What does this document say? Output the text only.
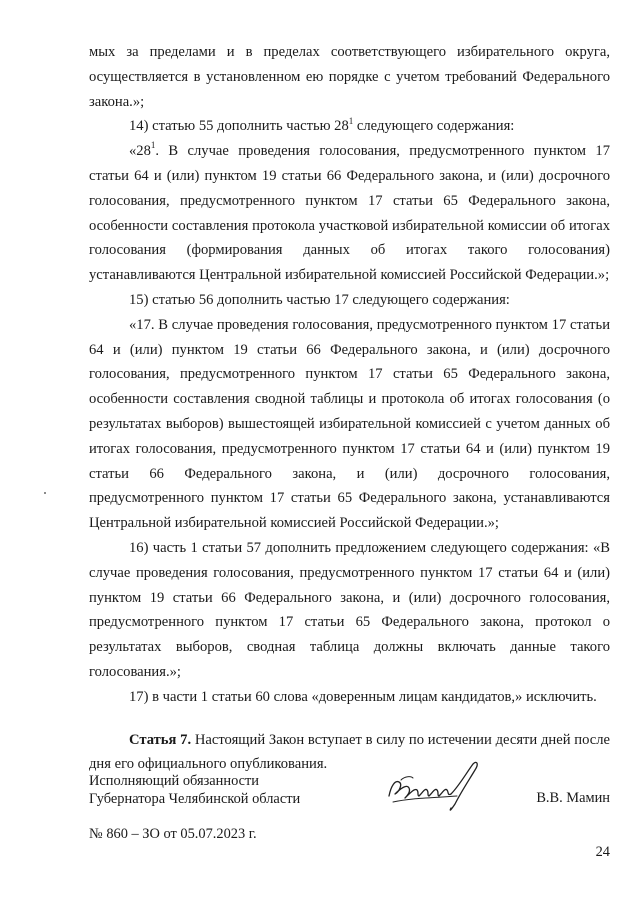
мых за пределами и в пределах соответствующего избирательного округа, осуществляется в установленном ею порядке с учетом требований Федерального закона.»;

14) статью 55 дополнить частью $28^1$ следующего содержания:

«$28^1$. В случае проведения голосования, предусмотренного пунктом 17 статьи 64 и (или) пунктом 19 статьи 66 Федерального закона, и (или) досрочного голосования, предусмотренного пунктом 17 статьи 65 Федерального закона, особенности составления протокола участковой избирательной комиссии об итогах голосования (формирования данных об итогах такого голосования) устанавливаются Центральной избирательной комиссией Российской Федерации.»;

15) статью 56 дополнить частью 17 следующего содержания:

«17. В случае проведения голосования, предусмотренного пунктом 17 статьи 64 и (или) пунктом 19 статьи 66 Федерального закона, и (или) досрочного голосования, предусмотренного пунктом 17 статьи 65 Федерального закона, особенности составления сводной таблицы и протокола об итогах голосования (о результатах выборов) вышестоящей избирательной комиссией с учетом данных об итогах голосования, предусмотренного пунктом 17 статьи 64 и (или) пунктом 19 статьи 66 Федерального закона, и (или) досрочного голосования, предусмотренного пунктом 17 статьи 65 Федерального закона, устанавливаются Центральной избирательной комиссией Российской Федерации.»;

16) часть 1 статьи 57 дополнить предложением следующего содержания: «В случае проведения голосования, предусмотренного пунктом 17 статьи 64 и (или) пунктом 19 статьи 66 Федерального закона, и (или) досрочного голосования, предусмотренного пунктом 17 статьи 65 Федерального закона, протокол о результатах выборов, сводная таблица должны включать данные такого голосования.»;

17) в части 1 статьи 60 слова «доверенным лицам кандидатов,» исключить.

Статья 7. Настоящий Закон вступает в силу по истечении десяти дней после дня его официального опубликования.

Исполняющий обязанности
Губернатора Челябинской области	В.В. Мамин
№ 860 – ЗО от 05.07.2023 г.
24
